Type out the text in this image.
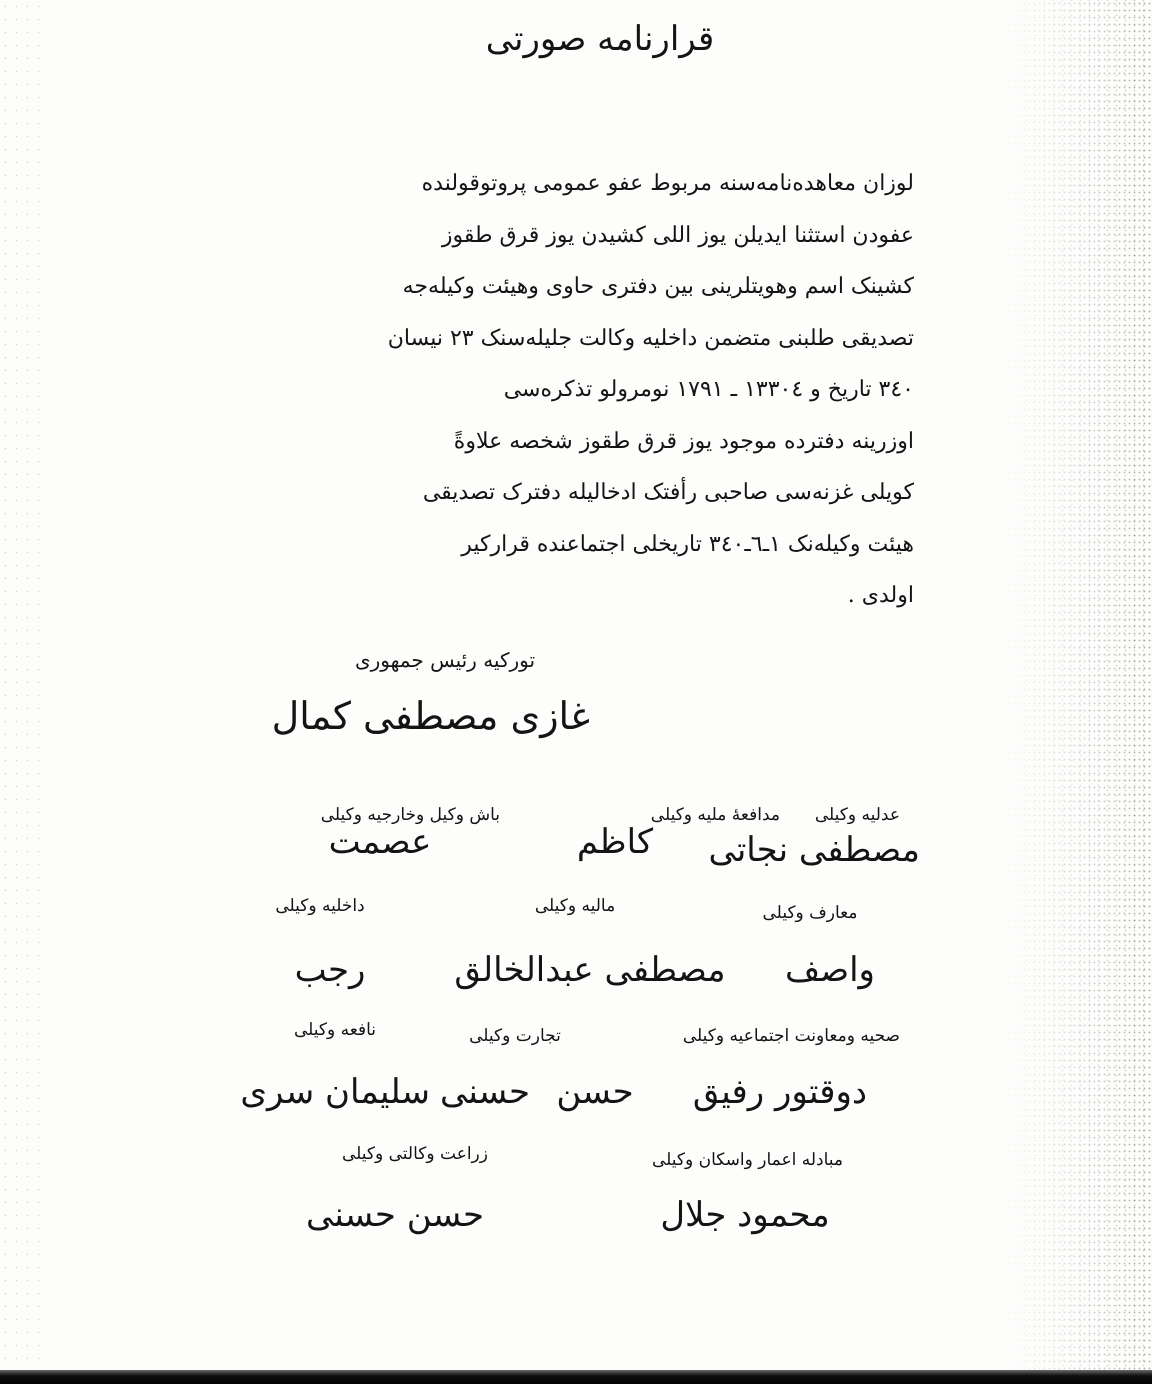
قرارنامه صورتی
لوزان معاهده‌نامه‌سنه مربوط عفو عمومی پروتوقولنده
عفودن استثنا ایدیلن یوز اللی کشیدن یوز قرق طقوز
کشینک اسم وهویتلرینی بین دفتری حاوی وهیئت وکیله‌جه
تصدیقی طلبنی متضمن داخلیه وکالت جلیله‌سنک ۲۳ نیسان
۳٤۰ تاریخ و ۱۳۳۰٤ ـ ۱۷۹۱ نومرولو تذکره‌سی
اوزرینه دفترده موجود یوز قرق طقوز شخصه علاوةً
کویلی غزنه‌سی صاحبی رأفتک ادخالیله دفترک تصدیقی
هیئت وکیله‌نک ۱ـ٦ـ۳٤۰ تاریخلی اجتماعنده قرارکیر
اولدی .
تورکیه رئیس جمهوری
غازی مصطفی کمال
عدلیه وکیلی
مدافعهٔ ملیه وکیلی
باش وکیل وخارجیه وکیلی
مصطفی نجاتی
کاظم
عصمت
معارف وکیلی
مالیه وکیلی
داخلیه وکیلی
واصف
مصطفی عبدالخالق
رجب
تجارت وکیلی	صحیه ومعاونت اجتماعیه وکیلی
نافعه وکیلی
دوقتور رفیق
حسن
حسنی
سلیمان سری
مبادله اعمار واسکان وکیلی
زراعت وکالتی وکیلی
محمود جلال
حسن حسنی
